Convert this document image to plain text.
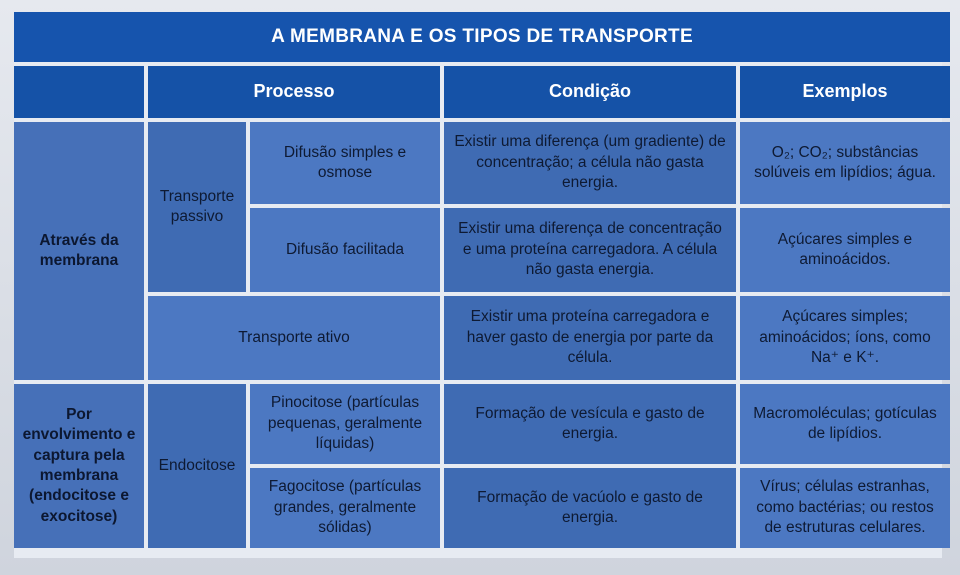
A MEMBRANA E OS TIPOS DE TRANSPORTE
Processo	Condição	Exemplos
Através da membrana
Por envolvimento e captura pela membrana (endocitose e exocitose)
Transporte passivo
Difusão simples e osmose
Existir uma diferença (um gradiente) de concentração; a célula não gasta energia.
O₂; CO₂; substâncias solúveis em lipídios; água.
Difusão facilitada
Existir uma diferença de concentração e uma proteína carregadora. A célula não gasta energia.
Açúcares simples e aminoácidos.
Transporte ativo
Existir uma proteína carregadora e haver gasto de energia por parte da célula.
Açúcares simples; aminoácidos; íons, como Na⁺ e K⁺.
Endocitose
Pinocitose (partículas pequenas, geralmente líquidas)
Formação de vesícula e gasto de energia.
Macromoléculas; gotículas de lipídios.
Fagocitose (partículas grandes, geralmente sólidas)
Formação de vacúolo e gasto de energia.
Vírus; células estranhas, como bactérias; ou restos de estruturas celulares.
